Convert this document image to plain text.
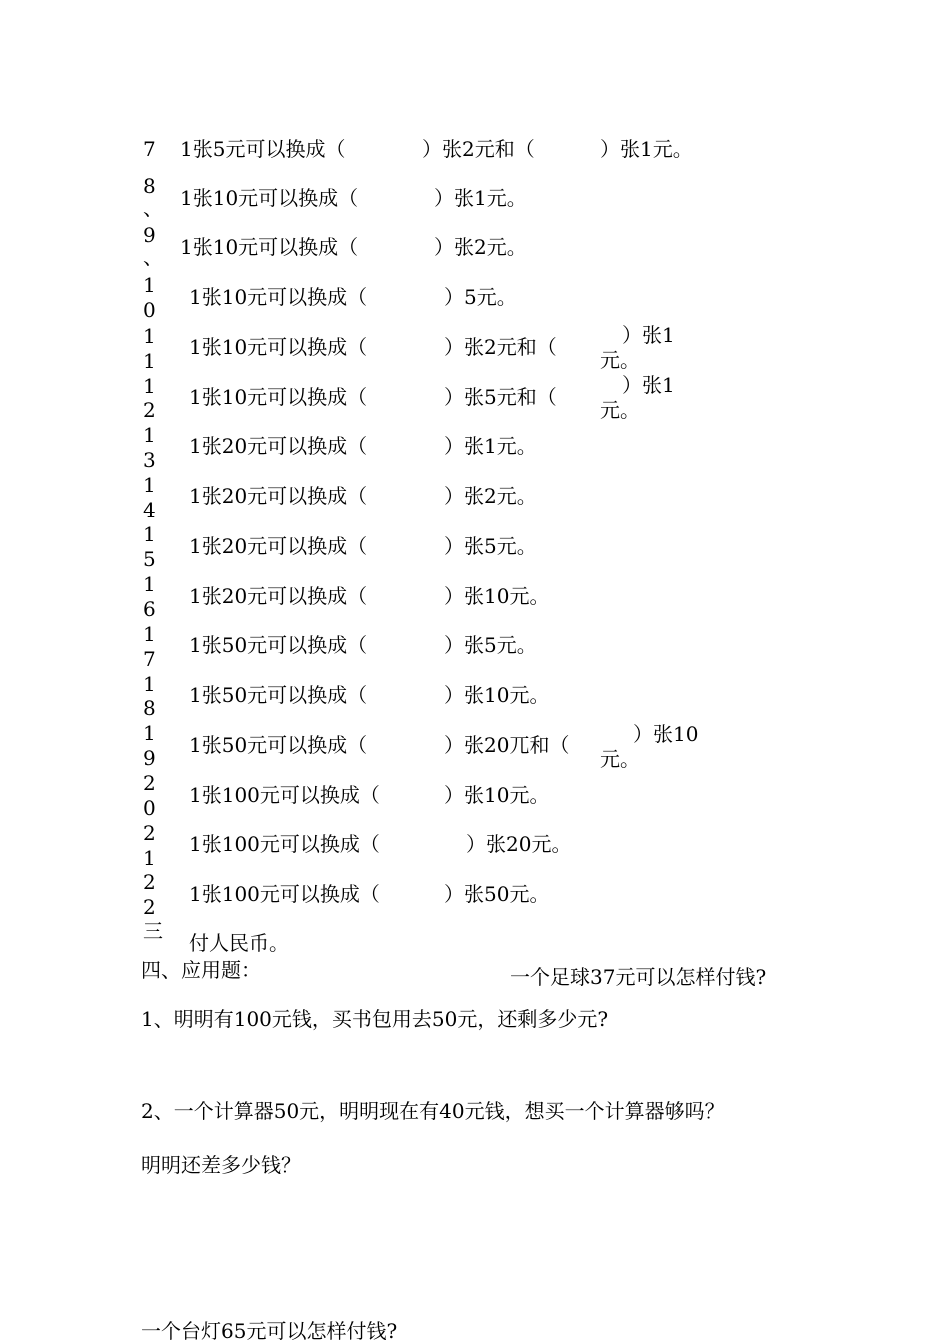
7
8
、
9
、
1
0
1
1
1
2
1
3
1
4
1
5
1
6
1
7
1
8
1
9
2
0
2
1
2
2
三
1张5元可以换成（	）张2元和（	）张1元。
1张10元可以换成（	）张1元。
1张10元可以换成（	）张2元。
1张10元可以换成（	）5元。
1张10元可以换成（	）张2元和（	）张1
元。
1张10元可以换成（	）张5元和（	）张1
元。
1张20元可以换成（	）张1元。
1张20元可以换成（	）张2元。
1张20元可以换成（	）张5元。
1张20元可以换成（	）张10元。
1张50元可以换成（	）张5元。
1张50元可以换成（	）张10元。
1张50元可以换成（	）张20兀和（	）张10
元。
1张100元可以换成（	）张10元。
1张100元可以换成（	）张20元。
1张100元可以换成（	）张50元。
付人民币。
四、应用题：	一个足球37元可以怎样付钱?
1、明明有100元钱，买书包用去50元，还剩多少元?
2、一个计算器50元，明明现在有40元钱，想买一个计算器够吗？
明明还差多少钱？
一个台灯65元可以怎样付钱?
